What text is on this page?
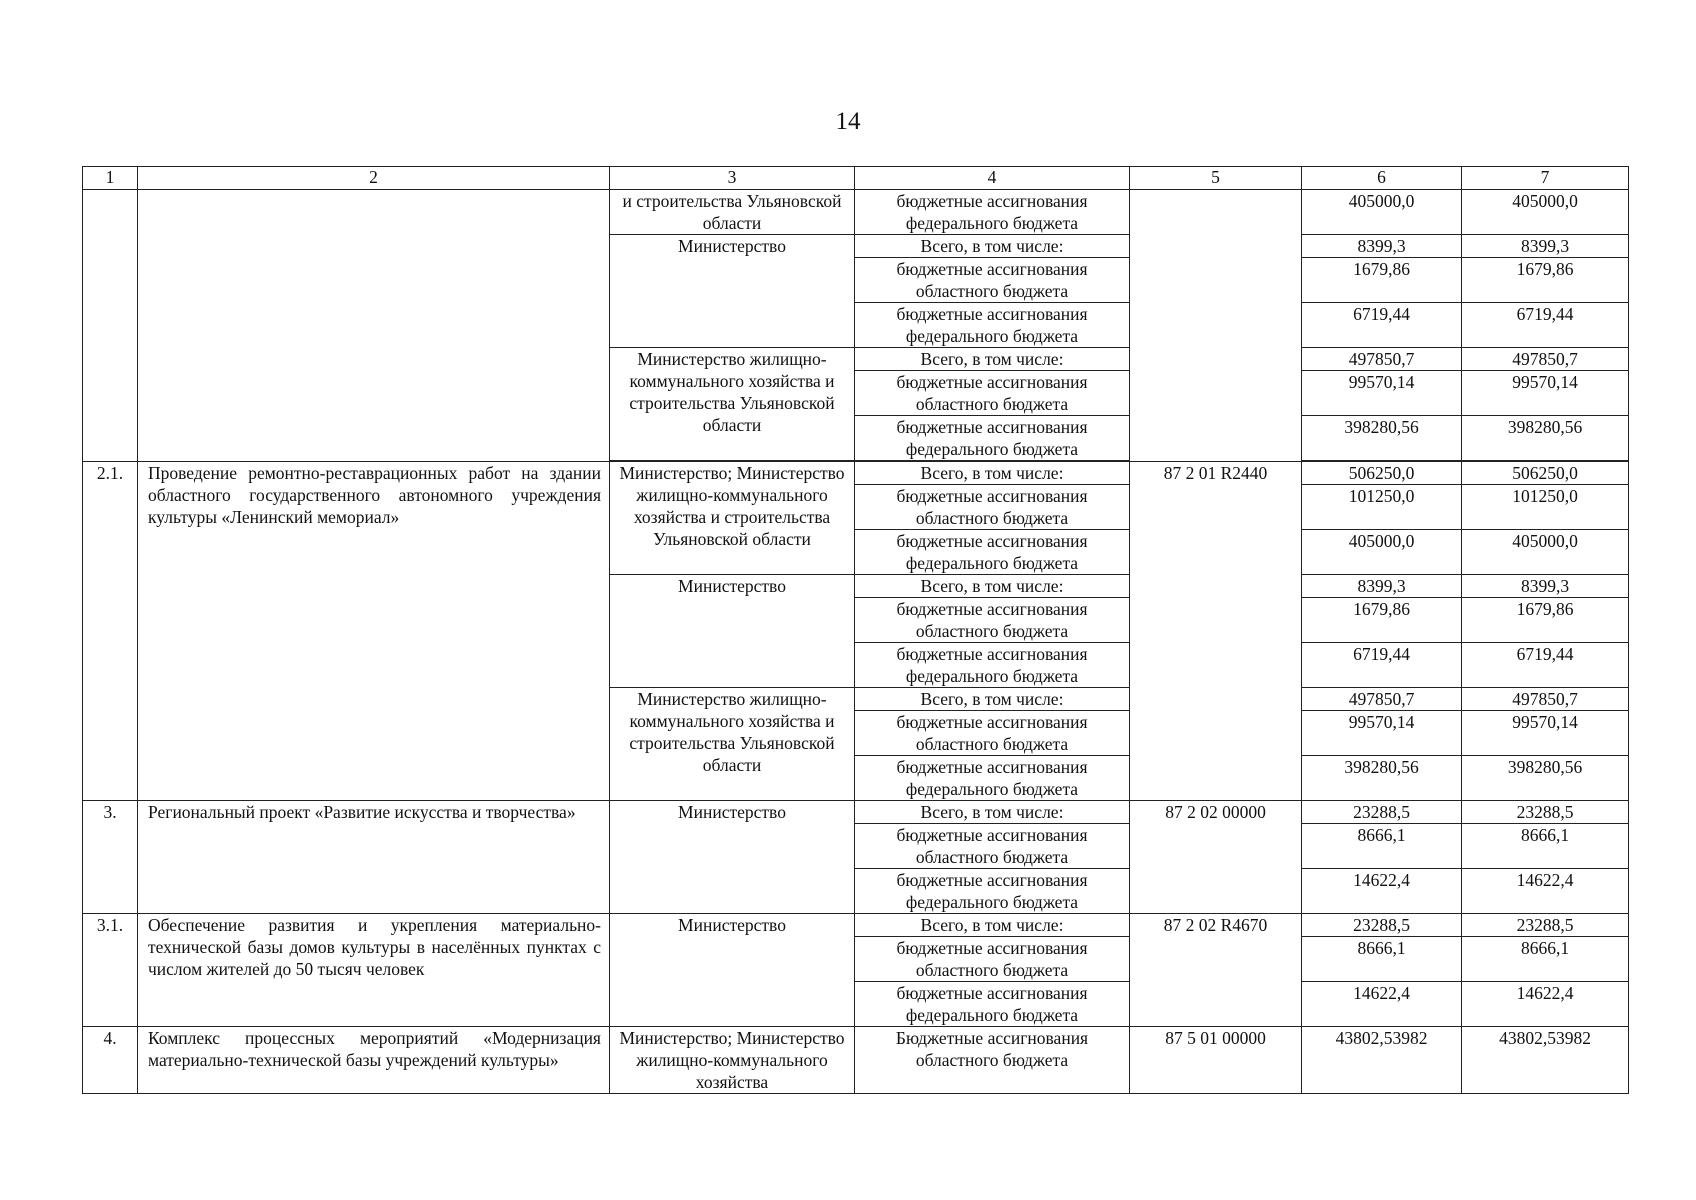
14
1	2	3	4	5	6	7
		и строительства Ульяновской области	бюджетные ассигнования федерального бюджета		405000,0	405000,0
		Министерство	Всего, в том числе:		8399,3	8399,3
			бюджетные ассигнования областного бюджета		1679,86	1679,86
			бюджетные ассигнования федерального бюджета		6719,44	6719,44
		Министерство жилищно-коммунального хозяйства и строительства Ульяновской области	Всего, в том числе:		497850,7	497850,7
			бюджетные ассигнования областного бюджета		99570,14	99570,14
			бюджетные ассигнования федерального бюджета		398280,56	398280,56

2.1.	Проведение ремонтно-реставрационных работ на здании областного государственного автономного учреждения культуры «Ленинский мемориал»	Министерство; Министерство жилищно-коммунального хозяйства и строительства Ульяновской области	Всего, в том числе:	87 2 01 R2440	506250,0	506250,0
			бюджетные ассигнования областного бюджета		101250,0	101250,0
			бюджетные ассигнования федерального бюджета		405000,0	405000,0
		Министерство	Всего, в том числе:		8399,3	8399,3
			бюджетные ассигнования областного бюджета		1679,86	1679,86
			бюджетные ассигнования федерального бюджета		6719,44	6719,44
		Министерство жилищно-коммунального хозяйства и строительства Ульяновской области	Всего, в том числе:		497850,7	497850,7
			бюджетные ассигнования областного бюджета		99570,14	99570,14
			бюджетные ассигнования федерального бюджета		398280,56	398280,56
3.	Региональный проект «Развитие искусства и творчества»	Министерство	Всего, в том числе:	87 2 02 00000	23288,5	23288,5
			бюджетные ассигнования областного бюджета		8666,1	8666,1
			бюджетные ассигнования федерального бюджета		14622,4	14622,4
3.1.	Обеспечение развития и укрепления материально-технической базы домов культуры в населённых пунктах с числом жителей до 50 тысяч человек	Министерство	Всего, в том числе:	87 2 02 R4670	23288,5	23288,5
			бюджетные ассигнования областного бюджета		8666,1	8666,1
			бюджетные ассигнования федерального бюджета		14622,4	14622,4
4.	Комплекс процессных мероприятий «Модернизация материально-технической базы учреждений культуры»	Министерство; Министерство жилищно-коммунального хозяйства	Бюджетные ассигнования областного бюджета	87 5 01 00000	43802,53982	43802,53982
